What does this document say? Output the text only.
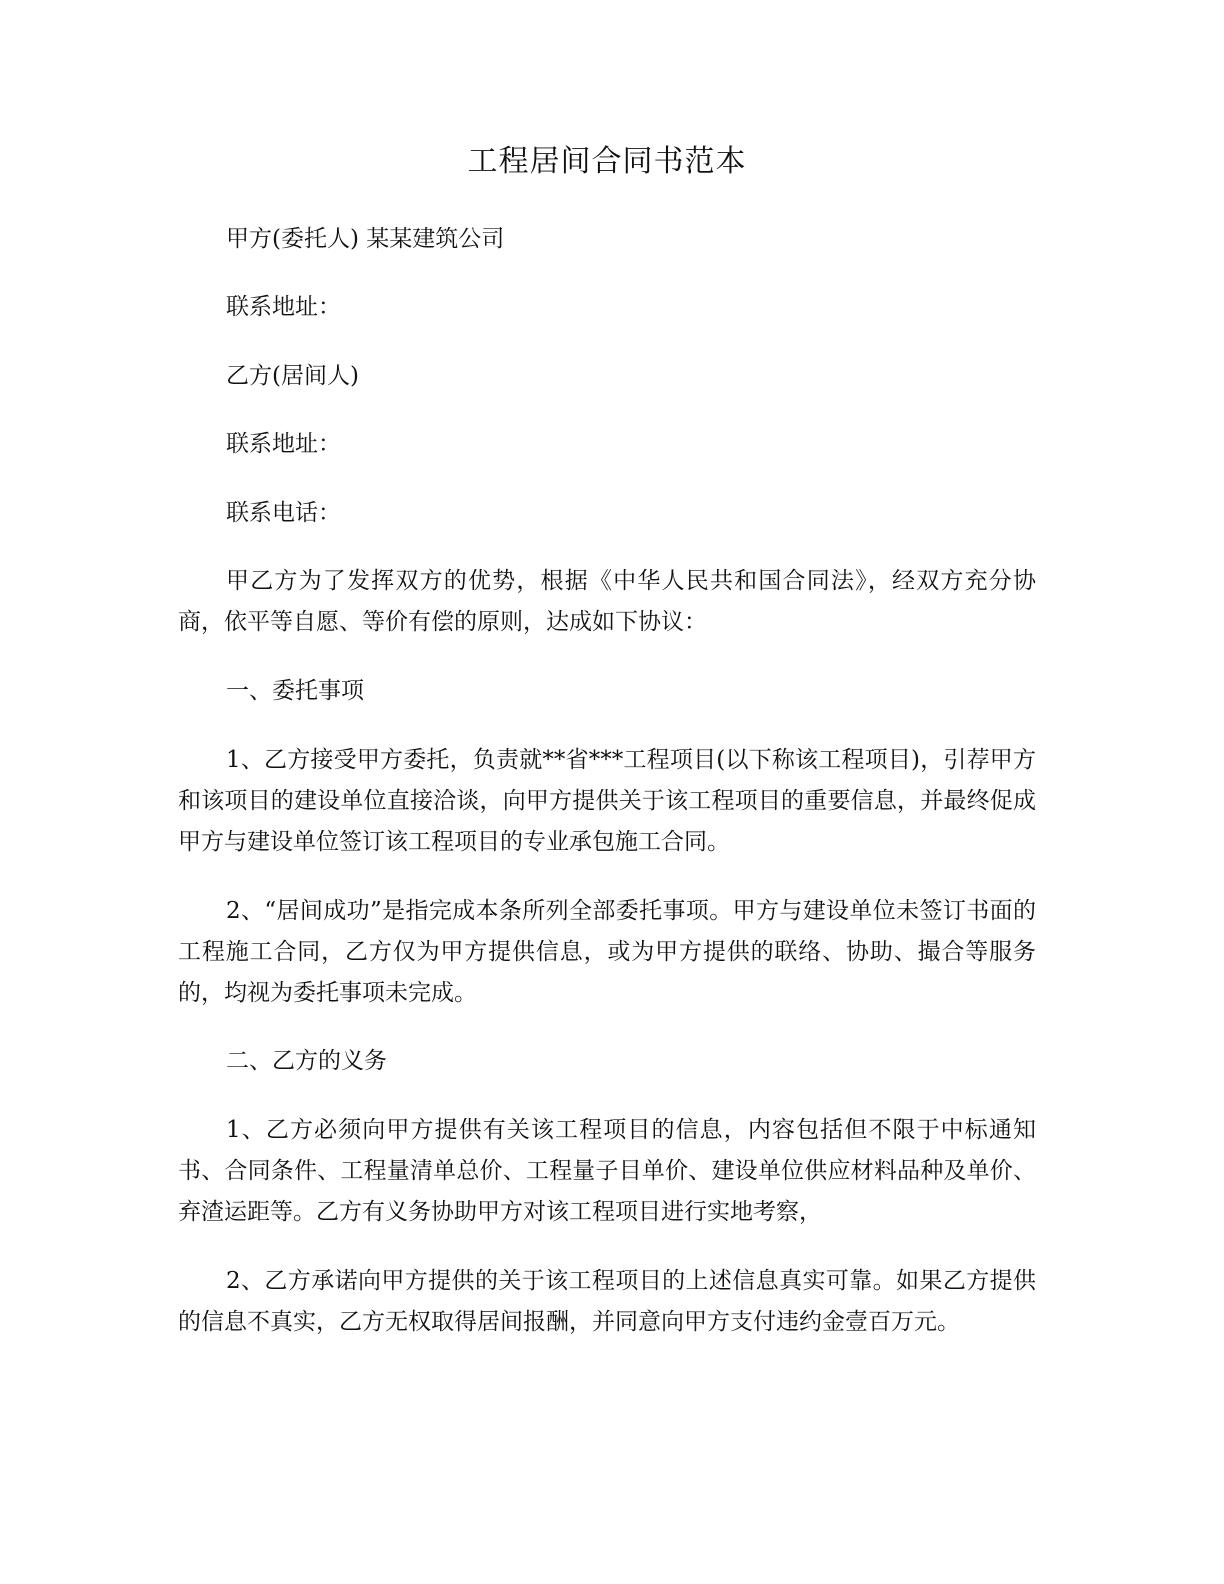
工程居间合同书范本

甲方(委托人) 某某建筑公司

联系地址：

乙方(居间人)

联系地址：

联系电话：

甲乙方为了发挥双方的优势，根据《中华人民共和国合同法》，经双方充分协商，依平等自愿、等价有偿的原则，达成如下协议：

一、委托事项

1、乙方接受甲方委托，负责就**省***工程项目(以下称该工程项目)，引荐甲方和该项目的建设单位直接洽谈，向甲方提供关于该工程项目的重要信息，并最终促成甲方与建设单位签订该工程项目的专业承包施工合同。

2、“居间成功”是指完成本条所列全部委托事项。甲方与建设单位未签订书面的工程施工合同，乙方仅为甲方提供信息，或为甲方提供的联络、协助、撮合等服务的，均视为委托事项未完成。

二、乙方的义务

1、乙方必须向甲方提供有关该工程项目的信息，内容包括但不限于中标通知书、合同条件、工程量清单总价、工程量子目单价、建设单位供应材料品种及单价、弃渣运距等。乙方有义务协助甲方对该工程项目进行实地考察，

2、乙方承诺向甲方提供的关于该工程项目的上述信息真实可靠。如果乙方提供的信息不真实，乙方无权取得居间报酬，并同意向甲方支付违约金壹百万元。
